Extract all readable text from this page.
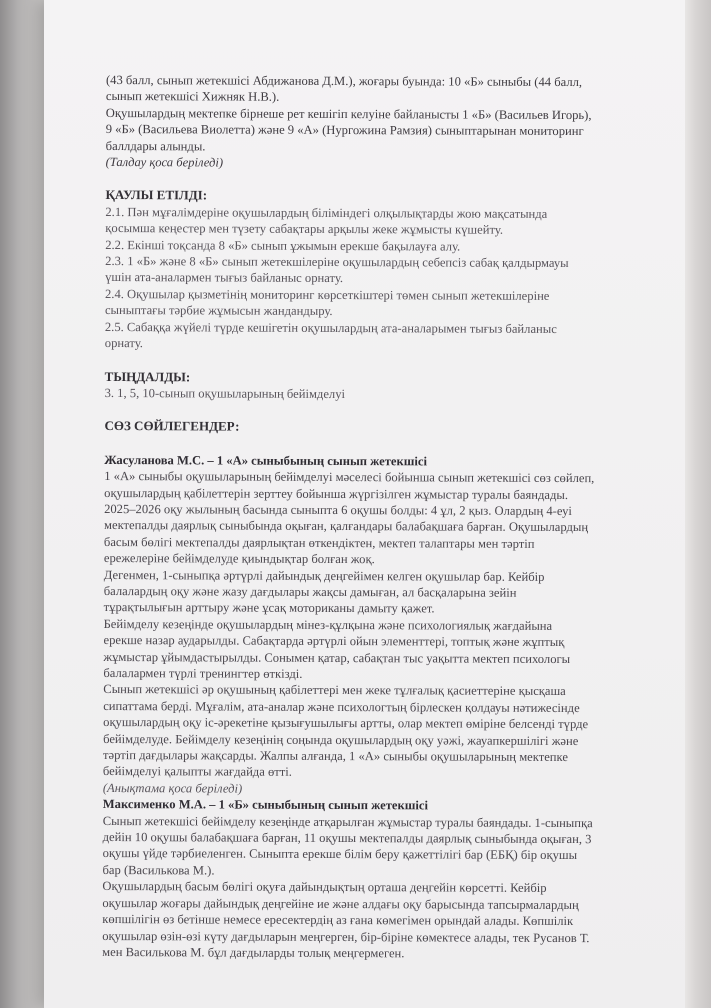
(43 балл, сынып жетекшісі Абдижанова Д.М.), жоғары буында: 10 «Б» сыныбы (44 балл,

сынып жетекшісі Хижняк Н.В.).

Оқушылардың мектепке бірнеше рет кешігіп келуіне байланысты 1 «Б» (Васильев Игорь),

9 «Б» (Васильева Виолетта) және 9 «А» (Нургожина Рамзия) сыныптарынан мониторинг

баллдары алынды.

(Талдау қоса беріледі)

ҚАУЛЫ ЕТІЛДІ:

2.1. Пән мұғалімдеріне оқушылардың біліміндегі олқылықтарды жою мақсатында

қосымша кеңестер мен түзету сабақтары арқылы жеке жұмысты күшейту.

2.2. Екінші тоқсанда 8 «Б» сынып ұжымын ерекше бақылауға алу.

2.3. 1 «Б» және 8 «Б» сынып жетекшілеріне оқушылардың себепсіз сабақ қалдырмауы

үшін ата-аналармен тығыз байланыс орнату.

2.4. Оқушылар қызметінің мониторинг көрсеткіштері төмен сынып жетекшілеріне

сыныптағы тәрбие жұмысын жандандыру.

2.5. Сабаққа жүйелі түрде кешігетін оқушылардың ата-аналарымен тығыз байланыс

орнату.

ТЫҢДАЛДЫ:

3. 1, 5, 10-сынып оқушыларының бейімделуі

СӨЗ СӨЙЛЕГЕНДЕР:

Жасуланова М.С. – 1 «А» сыныбының сынып жетекшісі

1 «А» сыныбы оқушыларының бейімделуі мәселесі бойынша сынып жетекшісі сөз сөйлеп,

оқушылардың қабілеттерін зерттеу бойынша жүргізілген жұмыстар туралы баяндады.

2025–2026 оқу жылының басында сыныпта 6 оқушы болды: 4 ұл, 2 қыз. Олардың 4-еуі

мектепалды даярлық сыныбында оқыған, қалғандары балабақшаға барған. Оқушылардың

басым бөлігі мектепалды даярлықтан өткендіктен, мектеп талаптары мен тәртіп

ережелеріне бейімделуде қиындықтар болған жоқ.

Дегенмен, 1-сыныпқа әртүрлі дайындық деңгейімен келген оқушылар бар. Кейбір

балалардың оқу және жазу дағдылары жақсы дамыған, ал басқаларына зейін

тұрақтылығын арттыру және ұсақ моториканы дамыту қажет.

Бейімделу кезеңінде оқушылардың мінез-құлқына және психологиялық жағдайына

ерекше назар аударылды. Сабақтарда әртүрлі ойын элементтері, топтық және жұптық

жұмыстар ұйымдастырылды. Сонымен қатар, сабақтан тыс уақытта мектеп психологы

балалармен түрлі тренингтер өткізді.

Сынып жетекшісі әр оқушының қабілеттері мен жеке тұлғалық қасиеттеріне қысқаша

сипаттама берді. Мұғалім, ата-аналар және психологтың бірлескен қолдауы нәтижесінде

оқушылардың оқу іс-әрекетіне қызығушылығы артты, олар мектеп өміріне белсенді түрде

бейімделуде. Бейімделу кезеңінің соңында оқушылардың оқу уәжі, жауапкершілігі және

тәртіп дағдылары жақсарды. Жалпы алғанда, 1 «А» сыныбы оқушыларының мектепке

бейімделуі қалыпты жағдайда өтті.

(Анықтама қоса беріледі)

Максименко М.А. – 1 «Б» сыныбының сынып жетекшісі

Сынып жетекшісі бейімделу кезеңінде атқарылған жұмыстар туралы баяндады. 1-сыныпқа

дейін 10 оқушы балабақшаға барған, 11 оқушы мектепалды даярлық сыныбында оқыған, 3

оқушы үйде тәрбиеленген. Сыныпта ерекше білім беру қажеттілігі бар (ЕБҚ) бір оқушы

бар (Василькова М.).

Оқушылардың басым бөлігі оқуға дайындықтың орташа деңгейін көрсетті. Кейбір

оқушылар жоғары дайындық деңгейіне ие және алдағы оқу барысында тапсырмалардың

көпшілігін өз бетінше немесе ересектердің аз ғана көмегімен орындай алады. Көпшілік

оқушылар өзін-өзі күту дағдыларын меңгерген, бір-біріне көмектесе алады, тек Русанов Т.

мен Василькова М. бұл дағдыларды толық меңгермеген.
